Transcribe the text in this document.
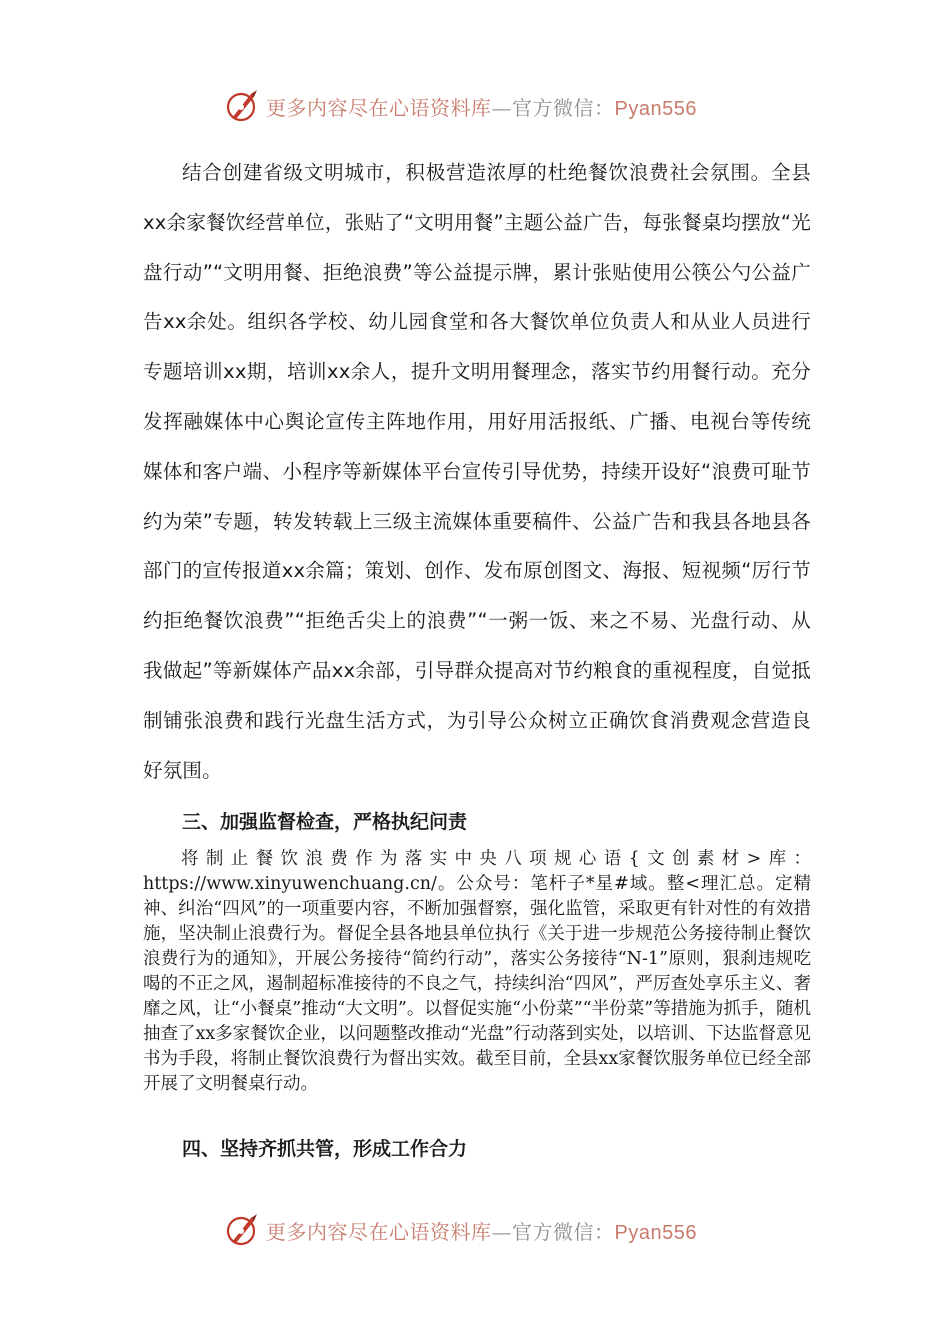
更多内容尽在心语资料库—官方微信：Pyan556

结合创建省级文明城市，积极营造浓厚的杜绝餐饮浪费社会氛围。全县xx余家餐饮经营单位，张贴了“文明用餐”主题公益广告，每张餐桌均摆放“光盘行动”“文明用餐、拒绝浪费”等公益提示牌，累计张贴使用公筷公勺公益广告xx余处。组织各学校、幼儿园食堂和各大餐饮单位负责人和从业人员进行专题培训xx期，培训xx余人，提升文明用餐理念，落实节约用餐行动。充分发挥融媒体中心舆论宣传主阵地作用，用好用活报纸、广播、电视台等传统媒体和客户端、小程序等新媒体平台宣传引导优势，持续开设好“浪费可耻节约为荣”专题，转发转载上三级主流媒体重要稿件、公益广告和我县各地县各部门的宣传报道xx余篇；策划、创作、发布原创图文、海报、短视频“厉行节约拒绝餐饮浪费”“拒绝舌尖上的浪费”“一粥一饭、来之不易、光盘行动、从我做起”等新媒体产品xx余部，引导群众提高对节约粮食的重视程度，自觉抵制铺张浪费和践行光盘生活方式，为引导公众树立正确饮食消费观念营造良好氛围。

三、加强监督检查，严格执纪问责

将制止餐饮浪费作为落实中央八项规心语{文创素材>库：https://www.xinyuwenchuang.cn/。公众号：笔杆子*星#域。整<理汇总。定精神、纠治“四风”的一项重要内容，不断加强督察，强化监管，采取更有针对性的有效措施，坚决制止浪费行为。督促全县各地县单位执行《关于进一步规范公务接待制止餐饮浪费行为的通知》，开展公务接待“简约行动”，落实公务接待“N-1”原则，狠刹违规吃喝的不正之风，遏制超标准接待的不良之气，持续纠治“四风”，严厉查处享乐主义、奢靡之风，让“小餐桌”推动“大文明”。以督促实施“小份菜”“半份菜”等措施为抓手，随机抽查了xx多家餐饮企业，以问题整改推动“光盘”行动落到实处，以培训、下达监督意见书为手段，将制止餐饮浪费行为督出实效。截至目前，全县xx家餐饮服务单位已经全部开展了文明餐桌行动。

四、坚持齐抓共管，形成工作合力
更多内容尽在心语资料库—官方微信：Pyan556
